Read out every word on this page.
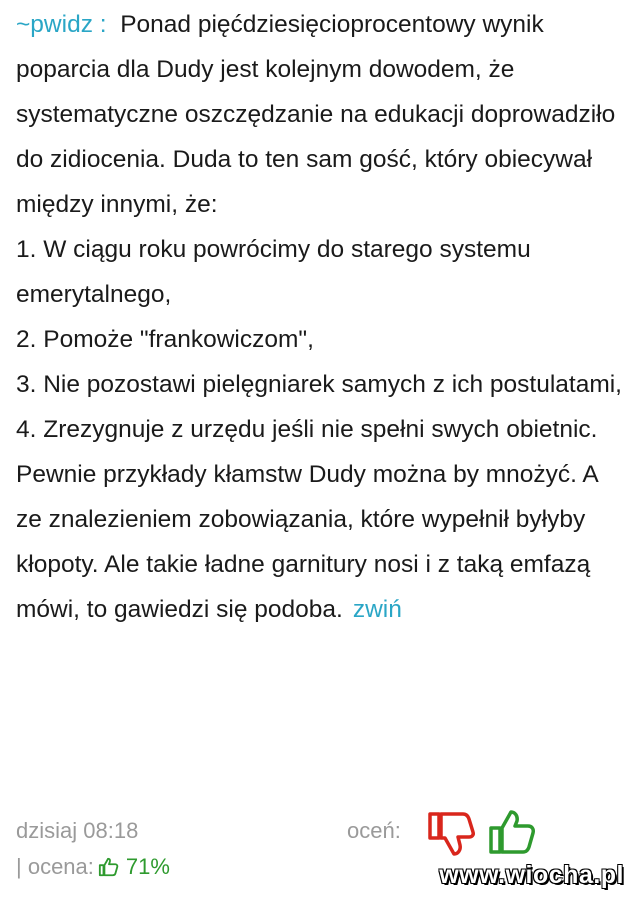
~pwidz : Ponad pięćdziesięcioprocentowy wynik poparcia dla Dudy jest kolejnym dowodem, że systematyczne oszczędzanie na edukacji doprowadziło do zidiocenia. Duda to ten sam gość, który obiecywał między innymi, że:

1. W ciągu roku powrócimy do starego systemu emerytalnego,

2. Pomoże "frankowiczom",

3. Nie pozostawi pielęgniarek samych z ich postulatami,

4. Zrezygnuje z urzędu jeśli nie spełni swych obietnic.

Pewnie przykłady kłamstw Dudy można by mnożyć. A ze znalezieniem zobowiązania, które wypełnił byłyby kłopoty. Ale takie ładne garnitury nosi i z taką emfazą mówi, to gawiedzi się podoba. zwiń

dzisiaj 08:18
| ocena: 71%
oceń:
www.wiocha.pl
